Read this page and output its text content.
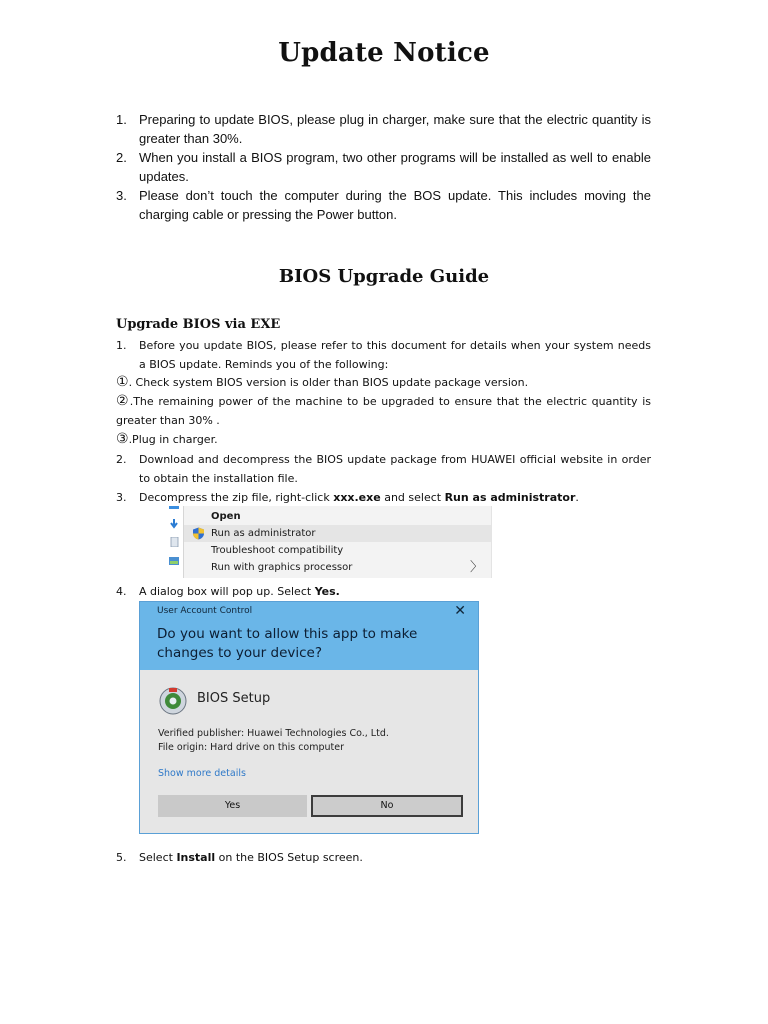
Update Notice
1. Preparing to update BIOS, please plug in charger, make sure that the electric quantity is greater than 30%.

2. When you install a BIOS program, two other programs will be installed as well to enable updates.

3. Please don’t touch the computer during the BOS update. This includes moving the charging cable or pressing the Power button.

BIOS Upgrade Guide
Upgrade BIOS via EXE
1. Before you update BIOS, please refer to this document for details when your system needs a BIOS update. Reminds you of the following:
①. Check system BIOS version is older than BIOS update package version.
②.The remaining power of the machine to be upgraded to ensure that the electric quantity is greater than 30% .
③.Plug in charger.
2. Download and decompress the BIOS update package from HUAWEI official website in order to obtain the installation file.
3. Decompress the zip file, right-click xxx.exe and select Run as administrator.
Open
Run as administrator
Troubleshoot compatibility
Run with graphics processor	〉
4. A dialog box will pop up. Select Yes.
User Account Control	✕
Do you want to allow this app to make changes to your device?
BIOS Setup
Verified publisher: Huawei Technologies Co., Ltd.
File origin: Hard drive on this computer
Show more details
Yes	No
5. Select Install on the BIOS Setup screen.
